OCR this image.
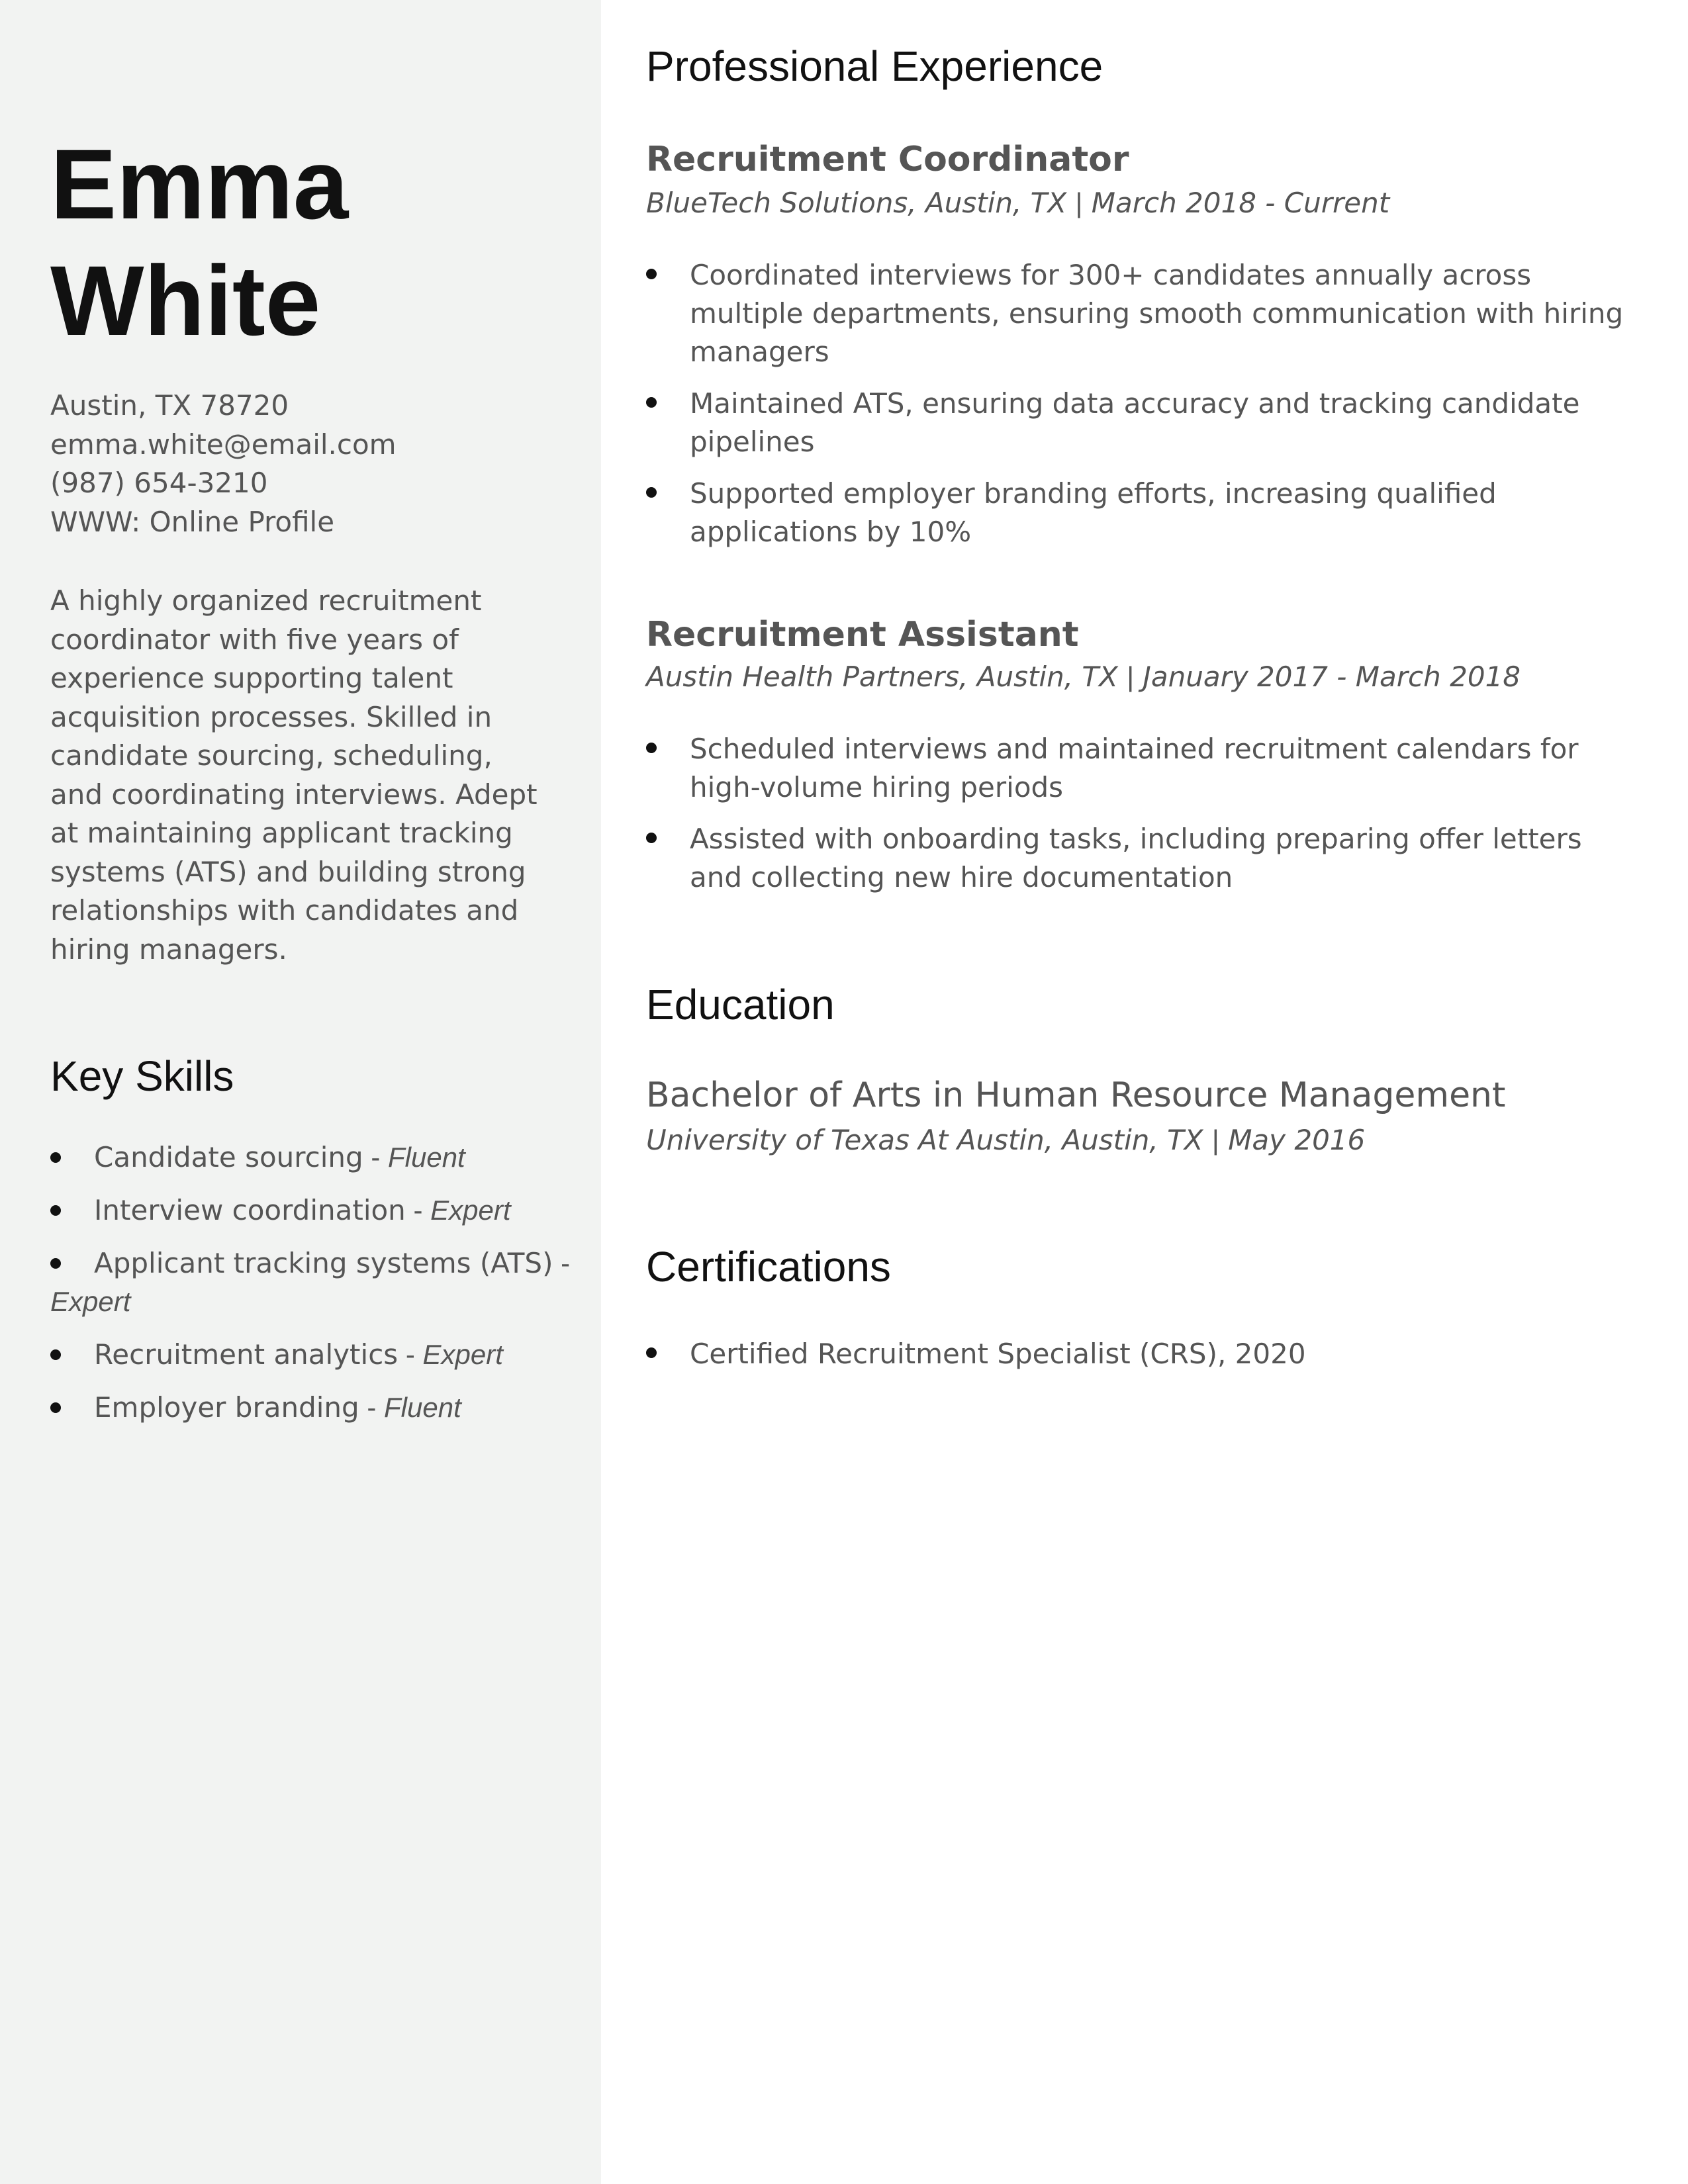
Emma
White
Austin, TX 78720
emma.white@email.com
(987) 654-3210
WWW: Online Profile
A highly organized recruitment coordinator with five years of experience supporting talent acquisition processes. Skilled in candidate sourcing, scheduling, and coordinating interviews. Adept at maintaining applicant tracking systems (ATS) and building strong relationships with candidates and hiring managers.
Key Skills
Candidate sourcing - Fluent
Interview coordination - Expert
Applicant tracking systems (ATS) - Expert
Recruitment analytics - Expert
Employer branding - Fluent
Professional Experience
Recruitment Coordinator
BlueTech Solutions, Austin, TX | March 2018 - Current
Coordinated interviews for 300+ candidates annually across multiple departments, ensuring smooth communication with hiring managers
Maintained ATS, ensuring data accuracy and tracking candidate pipelines
Supported employer branding efforts, increasing qualified applications by 10%
Recruitment Assistant
Austin Health Partners, Austin, TX | January 2017 - March 2018
Scheduled interviews and maintained recruitment calendars for high-volume hiring periods
Assisted with onboarding tasks, including preparing offer letters and collecting new hire documentation
Education
Bachelor of Arts in Human Resource Management
University of Texas At Austin, Austin, TX | May 2016
Certifications
Certified Recruitment Specialist (CRS), 2020
